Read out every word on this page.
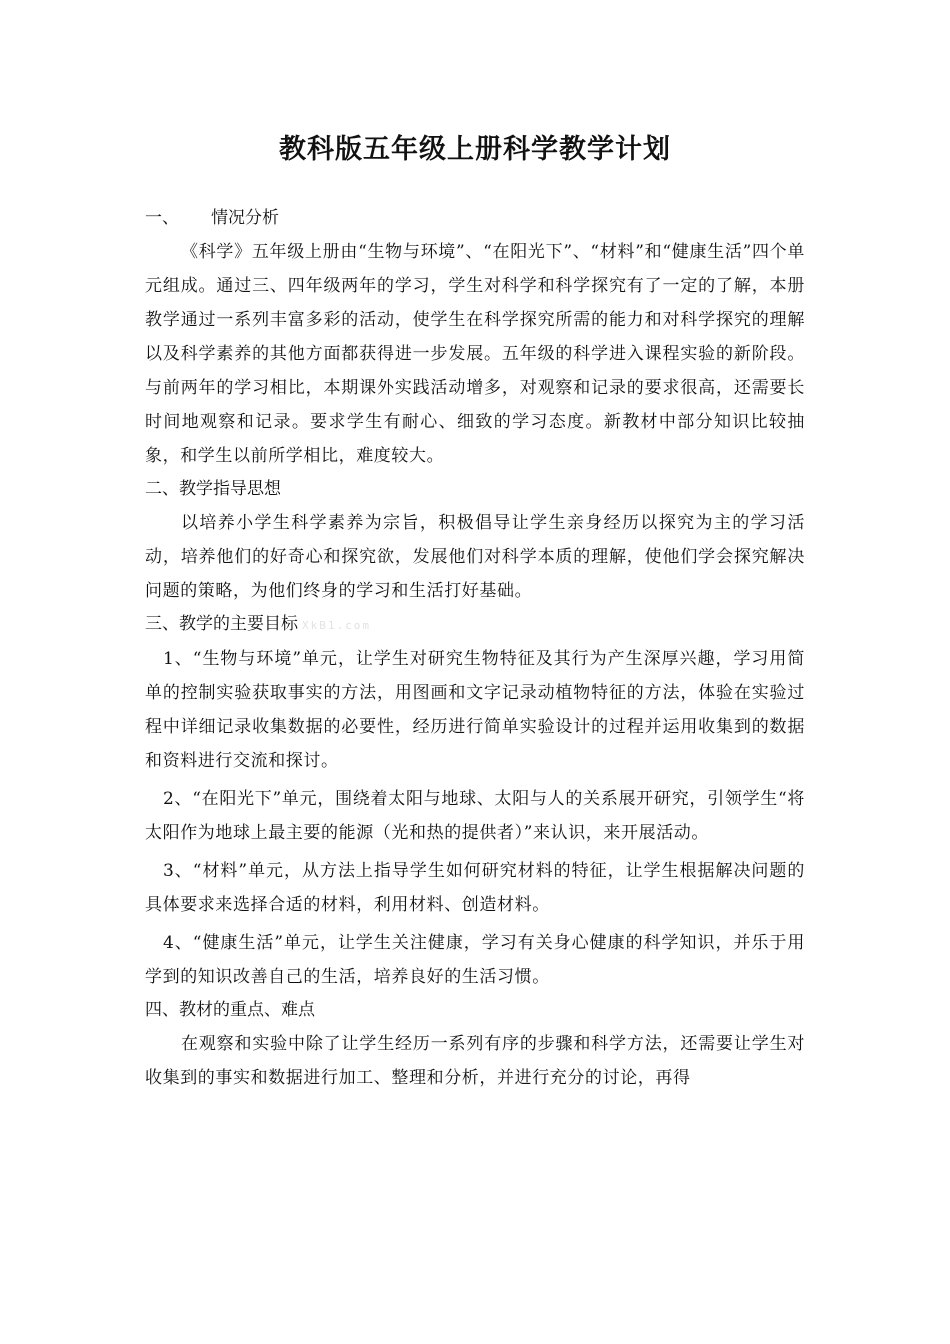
教科版五年级上册科学教学计划

一、 情况分析

《科学》五年级上册由“生物与环境”、“在阳光下”、“材料”和“健康生活”四个单元组成。通过三、四年级两年的学习，学生对科学和科学探究有了一定的了解，本册教学通过一系列丰富多彩的活动，使学生在科学探究所需的能力和对科学探究的理解以及科学素养的其他方面都获得进一步发展。五年级的科学进入课程实验的新阶段。与前两年的学习相比，本期课外实践活动增多，对观察和记录的要求很高，还需要长时间地观察和记录。要求学生有耐心、细致的学习态度。新教材中部分知识比较抽象，和学生以前所学相比，难度较大。

二、教学指导思想

以培养小学生科学素养为宗旨，积极倡导让学生亲身经历以探究为主的学习活动，培养他们的好奇心和探究欲，发展他们对科学本质的理解，使他们学会探究解决问题的策略，为他们终身的学习和生活打好基础。

三、教学的主要目标 XkB1.com

1、“生物与环境”单元，让学生对研究生物特征及其行为产生深厚兴趣，学习用简单的控制实验获取事实的方法，用图画和文字记录动植物特征的方法，体验在实验过程中详细记录收集数据的必要性，经历进行简单实验设计的过程并运用收集到的数据和资料进行交流和探讨。

2、“在阳光下”单元，围绕着太阳与地球、太阳与人的关系展开研究，引领学生“将太阳作为地球上最主要的能源（光和热的提供者）”来认识，来开展活动。

3、“材料”单元，从方法上指导学生如何研究材料的特征，让学生根据解决问题的具体要求来选择合适的材料，利用材料、创造材料。

4、“健康生活”单元，让学生关注健康，学习有关身心健康的科学知识，并乐于用学到的知识改善自己的生活，培养良好的生活习惯。

四、教材的重点、难点

在观察和实验中除了让学生经历一系列有序的步骤和科学方法，还需要让学生对收集到的事实和数据进行加工、整理和分析，并进行充分的讨论，再得
